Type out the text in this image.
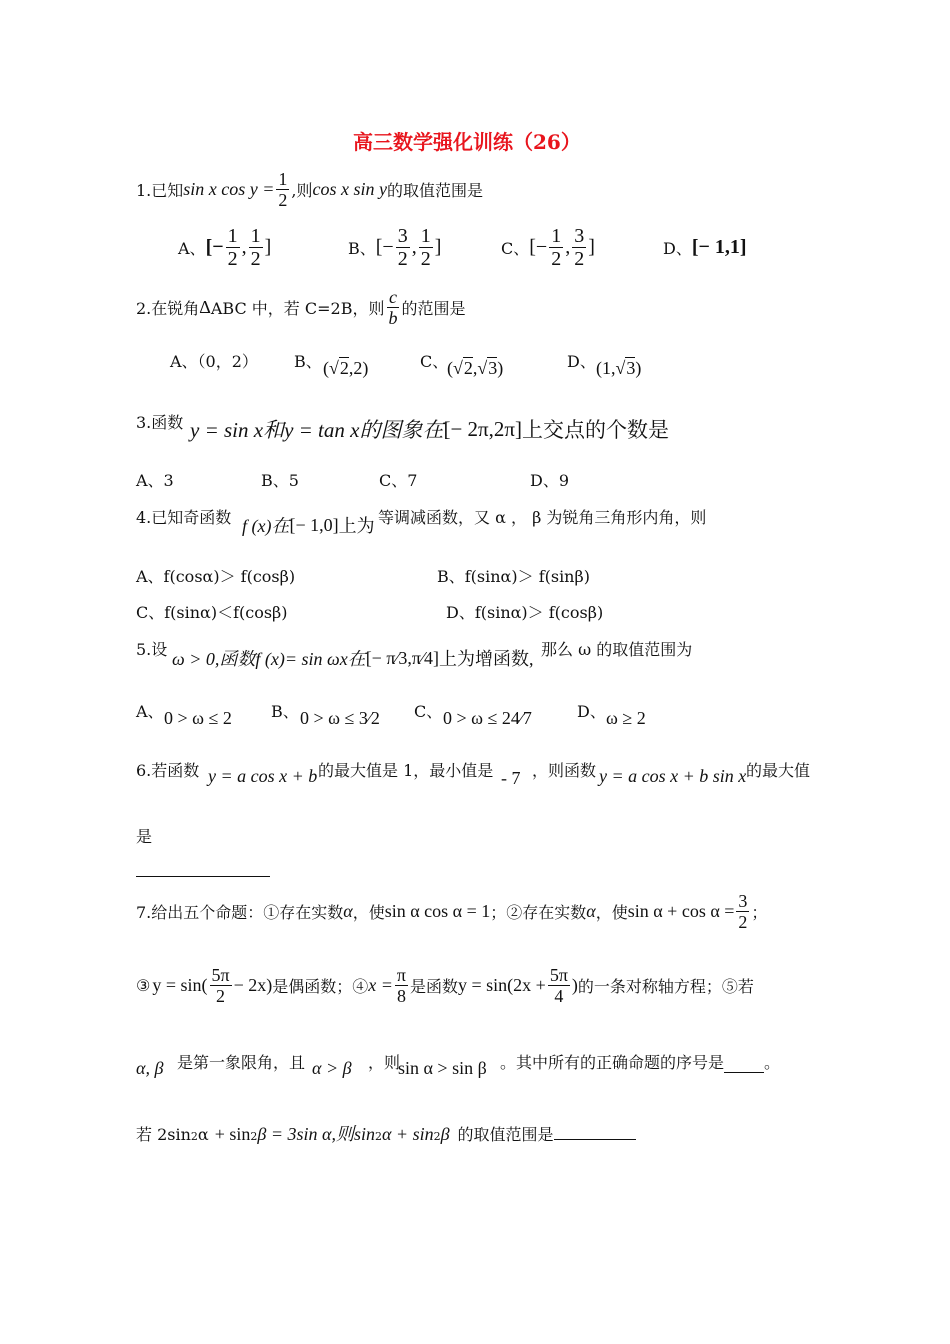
高三数学强化训练（26）
1.已知 sin x $\cos y = \frac{1}{2}$ ,则 cos x sin y 的取值范围是
A、 [− $\frac{1}{2}$ , $\frac{1}{2}$ ]	B、 [− $\frac{3}{2}$ , $\frac{1}{2}$ ]	C、 [− $\frac{1}{2}$ , $\frac{3}{2}$ ]	D、 [− 1,1]
2.在锐角 Δ ABC 中，若 C=2B，则 $\frac{c}{b}$ 的范围是
A、（0，2） B、 (√2,2)	C、
(√2,√3)	D、 (1,√3)
3.函数 y = sin x和y = tan x的图象在 [− 2π,2π] 上交点的个数是
A、3	B、5	C、7	D、9
4.已知奇函数 f (x)在 [− 1,0] 上为 等调减函数，又 α ， β 为锐角三角形内角，则
A、f(cosα)＞ f(cosβ)	B、f(sinα)＞ f(sinβ)
C、f(sinα)＜f(cosβ)	D、f(sinα)＞ f(cosβ)
5.设 ω > 0,函数f (x)= sin ωx在 [− π⁄3,π⁄4] 上为增函数, 那么 ω 的取值范围为
A、 0 > ω ≤ 2 B、 0 > ω ≤ 3⁄2 C、 0 > ω ≤ 24⁄7	D、 ω ≥ 2
6.若函数 y = a cos x + b 的最大值是 1，最小值是 - 7 ，则函数 y = a cos x + b sin x 的最大值
是
7.给出五个命题：①存在实数 α ，使 sin α cos α = 1 ；②存在实数 α ，使 $\sin \alpha + \cos \alpha = \frac{3}{2}$ ；
③ $y = \sin( \frac{5\pi}{2} - 2x)$ 是偶函数；④ $x = \frac{\pi}{8}$ 是函数 $y = \sin(2x + \frac{5\pi}{4}$ ) 的一条对称轴方程；⑤若
α, β 是第一象限角，且 α > β ，则
sin α > sin β 。其中所有的正确命题的序号是	。
若 2sin 2 α + sin 2 β = 3sin α,则sin 2 α + sin 2 β 的取值范围是
